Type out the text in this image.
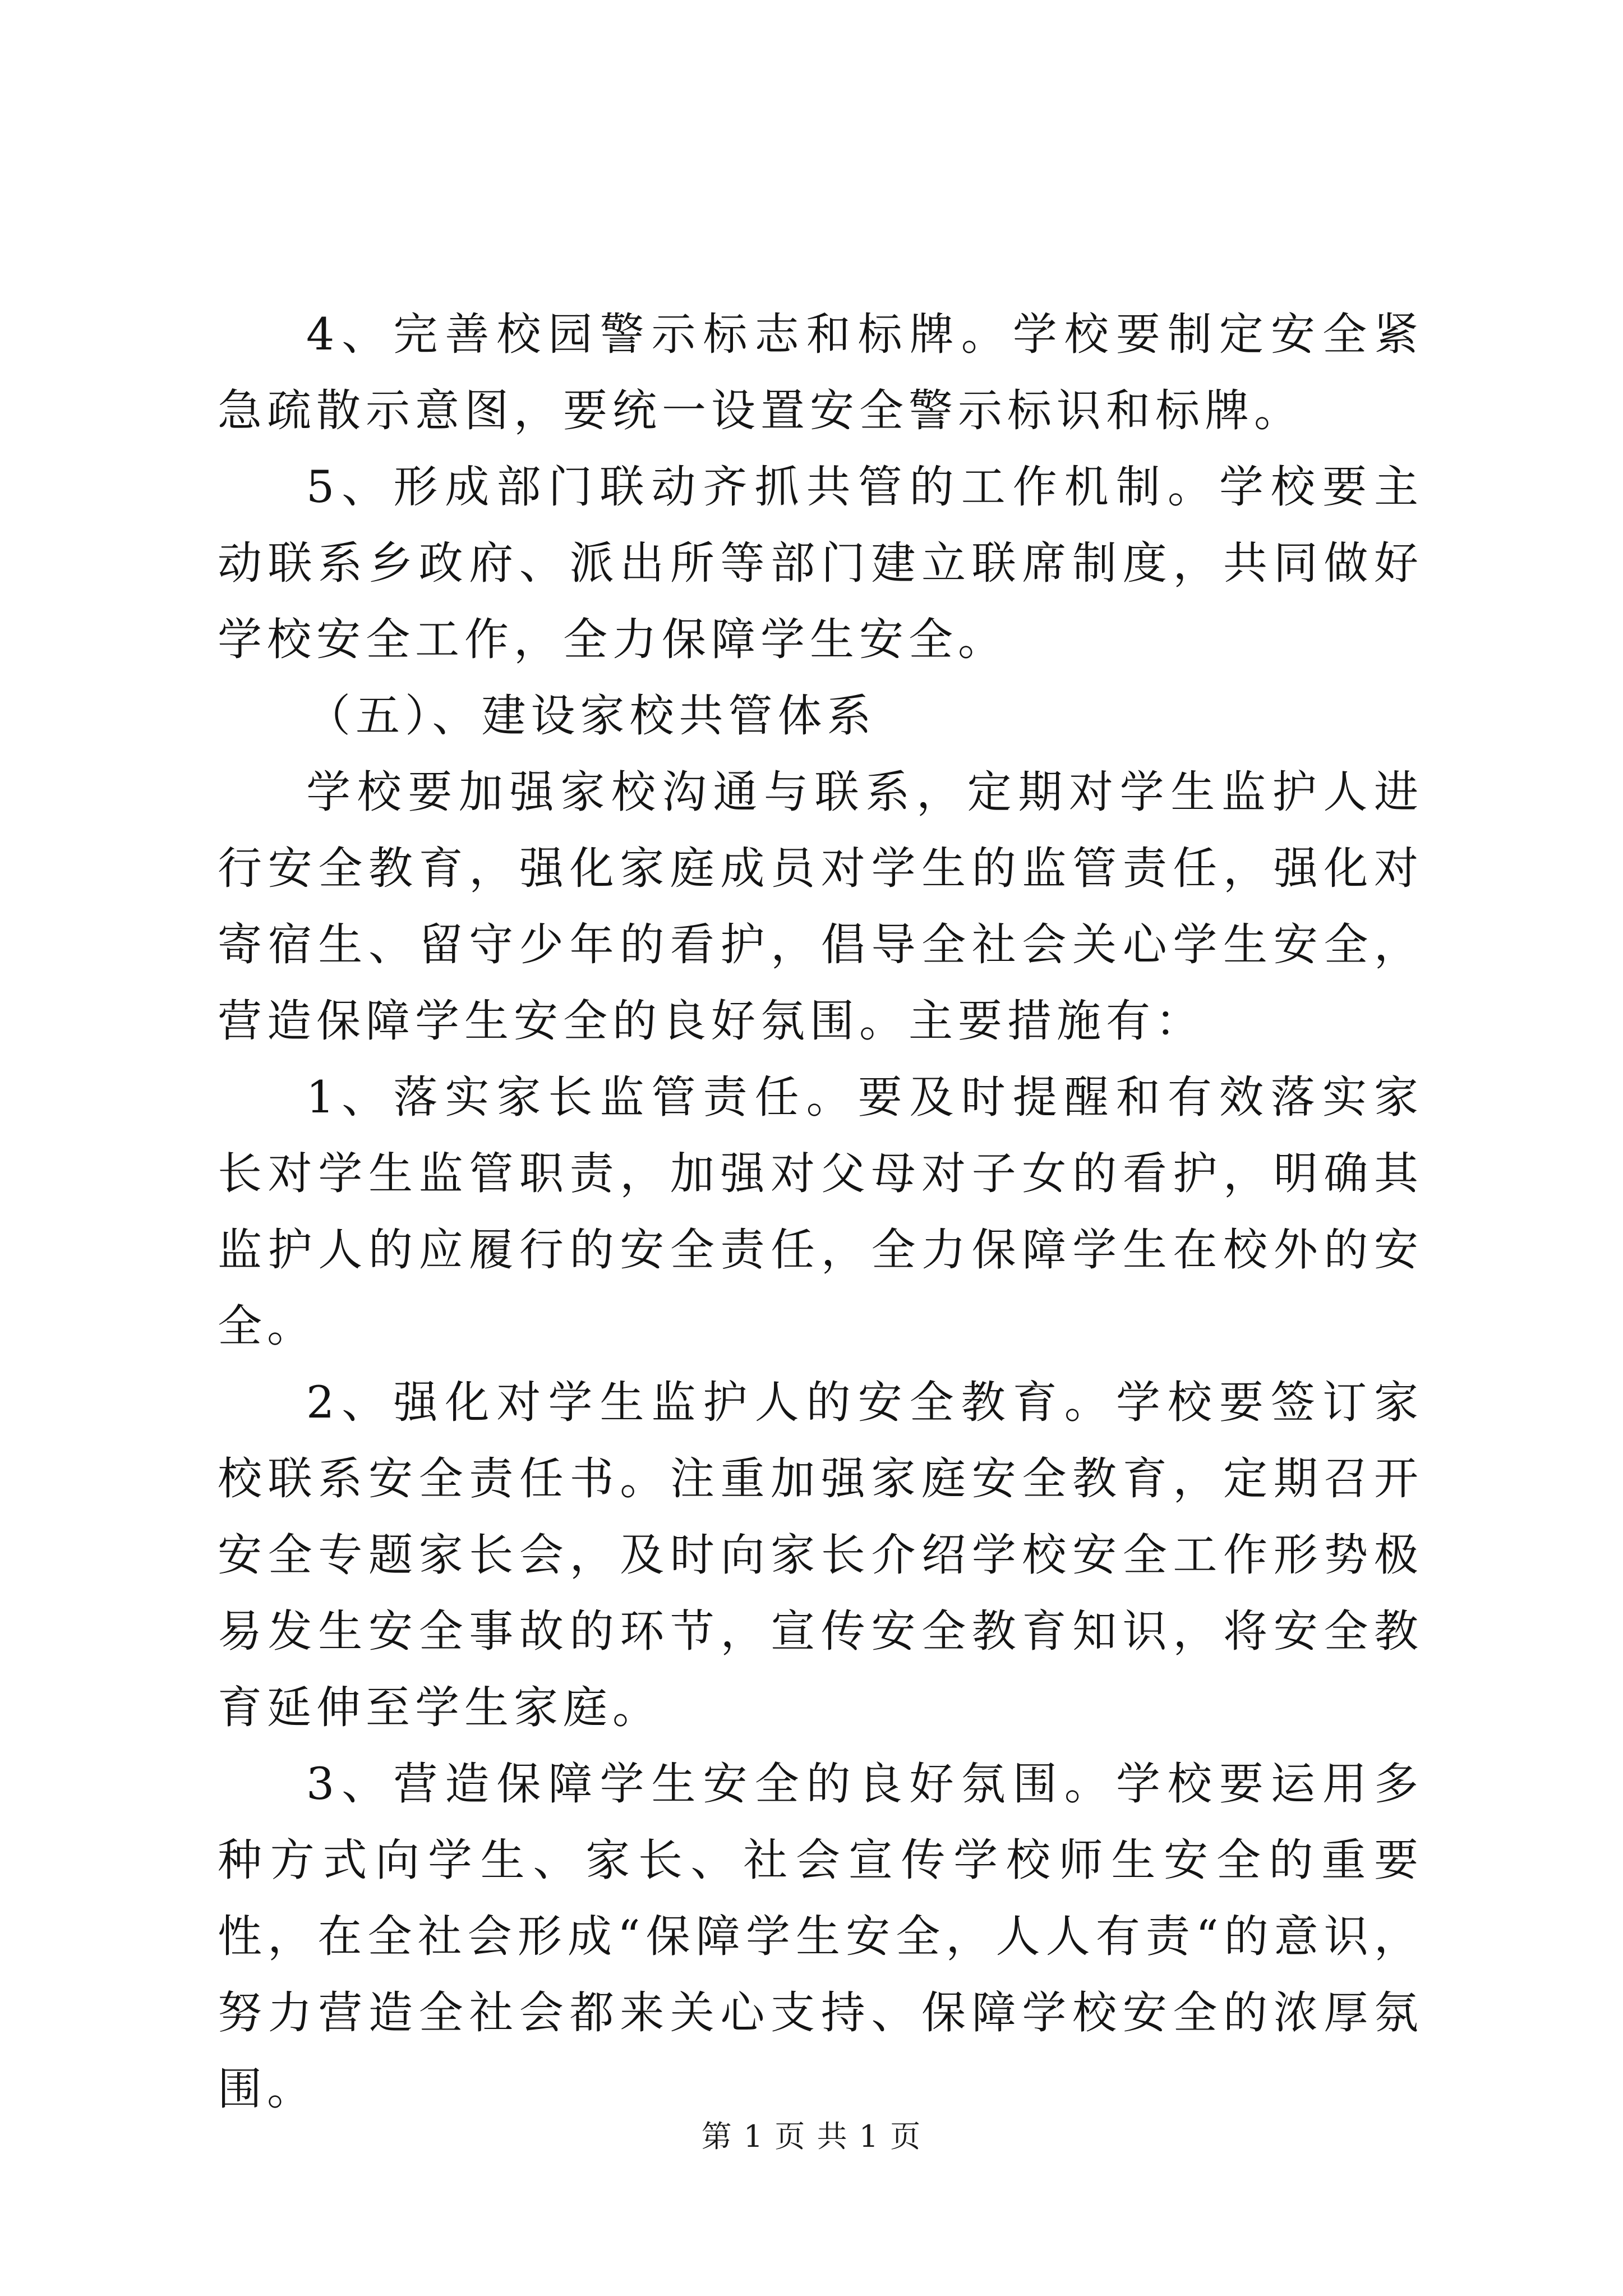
4、完善校园警示标志和标牌。学校要制定安全紧急疏散示意图，要统一设置安全警示标识和标牌。

5、形成部门联动齐抓共管的工作机制。学校要主动联系乡政府、派出所等部门建立联席制度，共同做好学校安全工作，全力保障学生安全。

（五）、建设家校共管体系

学校要加强家校沟通与联系，定期对学生监护人进行安全教育，强化家庭成员对学生的监管责任，强化对寄宿生、留守少年的看护，倡导全社会关心学生安全，营造保障学生安全的良好氛围。主要措施有：

1、落实家长监管责任。要及时提醒和有效落实家长对学生监管职责，加强对父母对子女的看护，明确其监护人的应履行的安全责任，全力保障学生在校外的安全。

2、强化对学生监护人的安全教育。学校要签订家校联系安全责任书。注重加强家庭安全教育，定期召开安全专题家长会，及时向家长介绍学校安全工作形势极易发生安全事故的环节，宣传安全教育知识，将安全教育延伸至学生家庭。

3、营造保障学生安全的良好氛围。学校要运用多种方式向学生、家长、社会宣传学校师生安全的重要性，在全社会形成“保障学生安全，人人有责“的意识，努力营造全社会都来关心支持、保障学校安全的浓厚氛围。

第 1 页 共 1 页
